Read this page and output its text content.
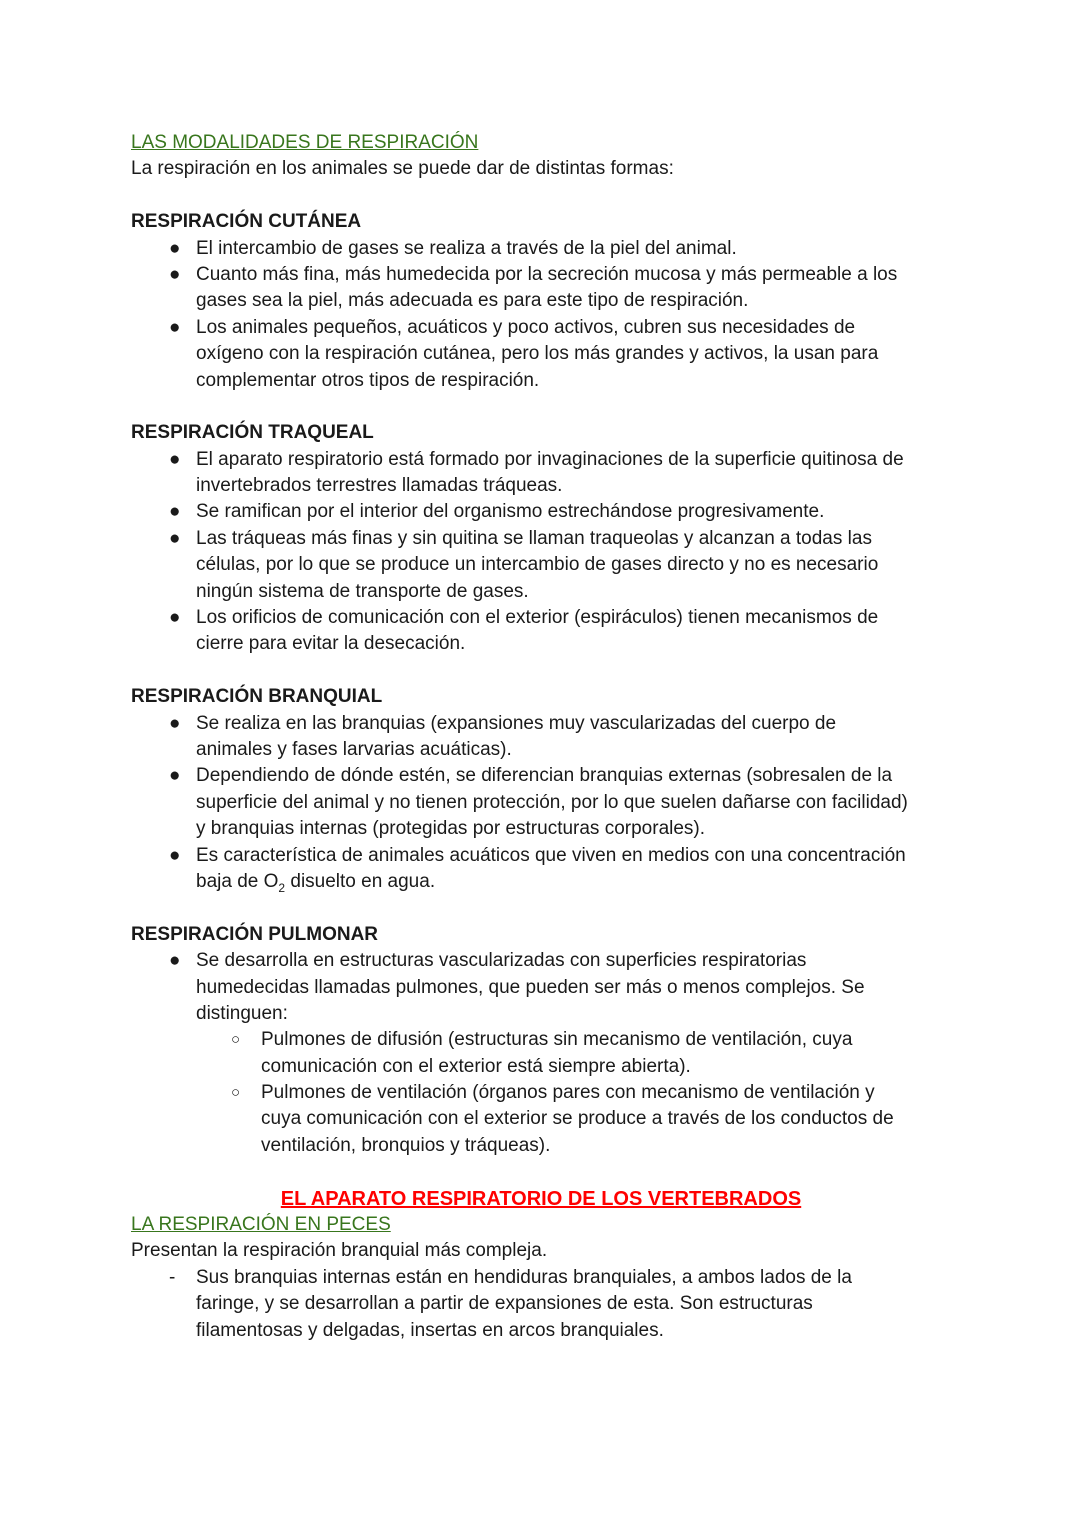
LAS MODALIDADES DE RESPIRACIÓN
La respiración en los animales se puede dar de distintas formas:
RESPIRACIÓN CUTÁNEA
● El intercambio de gases se realiza a través de la piel del animal.
● Cuanto más fina, más humedecida por la secreción mucosa y más permeable a los
gases sea la piel, más adecuada es para este tipo de respiración.
● Los animales pequeños, acuáticos y poco activos, cubren sus necesidades de
oxígeno con la respiración cutánea, pero los más grandes y activos, la usan para
complementar otros tipos de respiración.
RESPIRACIÓN TRAQUEAL
● El aparato respiratorio está formado por invaginaciones de la superficie quitinosa de
invertebrados terrestres llamadas tráqueas.
● Se ramifican por el interior del organismo estrechándose progresivamente.
● Las tráqueas más finas y sin quitina se llaman traqueolas y alcanzan a todas las
células, por lo que se produce un intercambio de gases directo y no es necesario
ningún sistema de transporte de gases.
● Los orificios de comunicación con el exterior (espiráculos) tienen mecanismos de
cierre para evitar la desecación.
RESPIRACIÓN BRANQUIAL
● Se realiza en las branquias (expansiones muy vascularizadas del cuerpo de
animales y fases larvarias acuáticas).
● Dependiendo de dónde estén, se diferencian branquias externas (sobresalen de la
superficie del animal y no tienen protección, por lo que suelen dañarse con facilidad)
y branquias internas (protegidas por estructuras corporales).
● Es característica de animales acuáticos que viven en medios con una concentración
baja de $O_2$ disuelto en agua.
RESPIRACIÓN PULMONAR
● Se desarrolla en estructuras vascularizadas con superficies respiratorias
humedecidas llamadas pulmones, que pueden ser más o menos complejos. Se
distinguen:
○ Pulmones de difusión (estructuras sin mecanismo de ventilación, cuya
comunicación con el exterior está siempre abierta).
○ Pulmones de ventilación (órganos pares con mecanismo de ventilación y
cuya comunicación con el exterior se produce a través de los conductos de
ventilación, bronquios y tráqueas).
EL APARATO RESPIRATORIO DE LOS VERTEBRADOS
LA RESPIRACIÓN EN PECES
Presentan la respiración branquial más compleja.
- Sus branquias internas están en hendiduras branquiales, a ambos lados de la
faringe, y se desarrollan a partir de expansiones de esta. Son estructuras
filamentosas y delgadas, insertas en arcos branquiales.
